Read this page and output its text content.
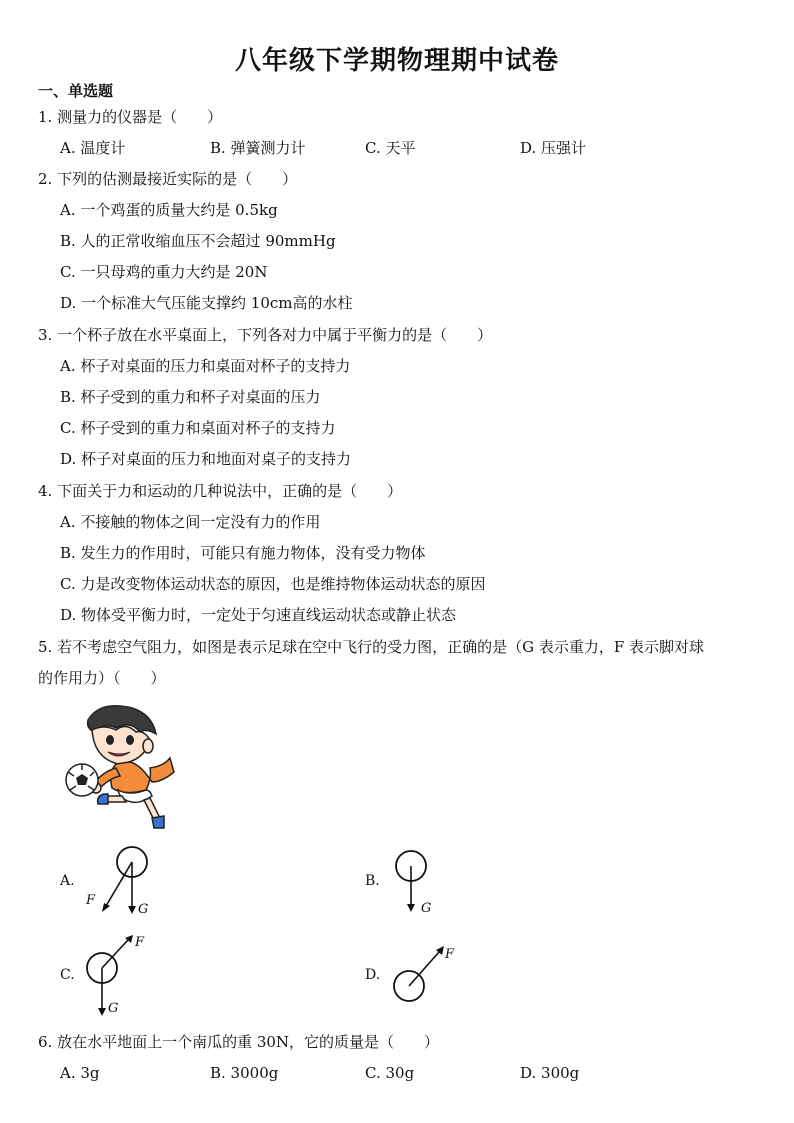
八年级下学期物理期中试卷
一、单选题
1. 测量力的仪器是（　　）
A. 温度计	B. 弹簧测力计	C. 天平	D. 压强计
2. 下列的估测最接近实际的是（　　）
A. 一个鸡蛋的质量大约是 0.5kg
B. 人的正常收缩血压不会超过 90mmHg
C. 一只母鸡的重力大约是 20N
D. 一个标准大气压能支撑约 10cm高的水柱
3. 一个杯子放在水平桌面上，下列各对力中属于平衡力的是（　　）
A. 杯子对桌面的压力和桌面对杯子的支持力
B. 杯子受到的重力和杯子对桌面的压力
C. 杯子受到的重力和桌面对杯子的支持力
D. 杯子对桌面的压力和地面对桌子的支持力
4. 下面关于力和运动的几种说法中，正确的是（　　）
A. 不接触的物体之间一定没有力的作用
B. 发生力的作用时，可能只有施力物体，没有受力物体
C. 力是改变物体运动状态的原因，也是维持物体运动状态的原因
D. 物体受平衡力时，一定处于匀速直线运动状态或静止状态
5. 若不考虑空气阻力，如图是表示足球在空中飞行的受力图，正确的是（G 表示重力，F 表示脚对球
的作用力）（　　）
A.
F
G
B.
G
C.
F
G
D.
F
6. 放在水平地面上一个南瓜的重 30N，它的质量是（　　）
A. 3g	B. 3000g	C. 30g	D. 300g
